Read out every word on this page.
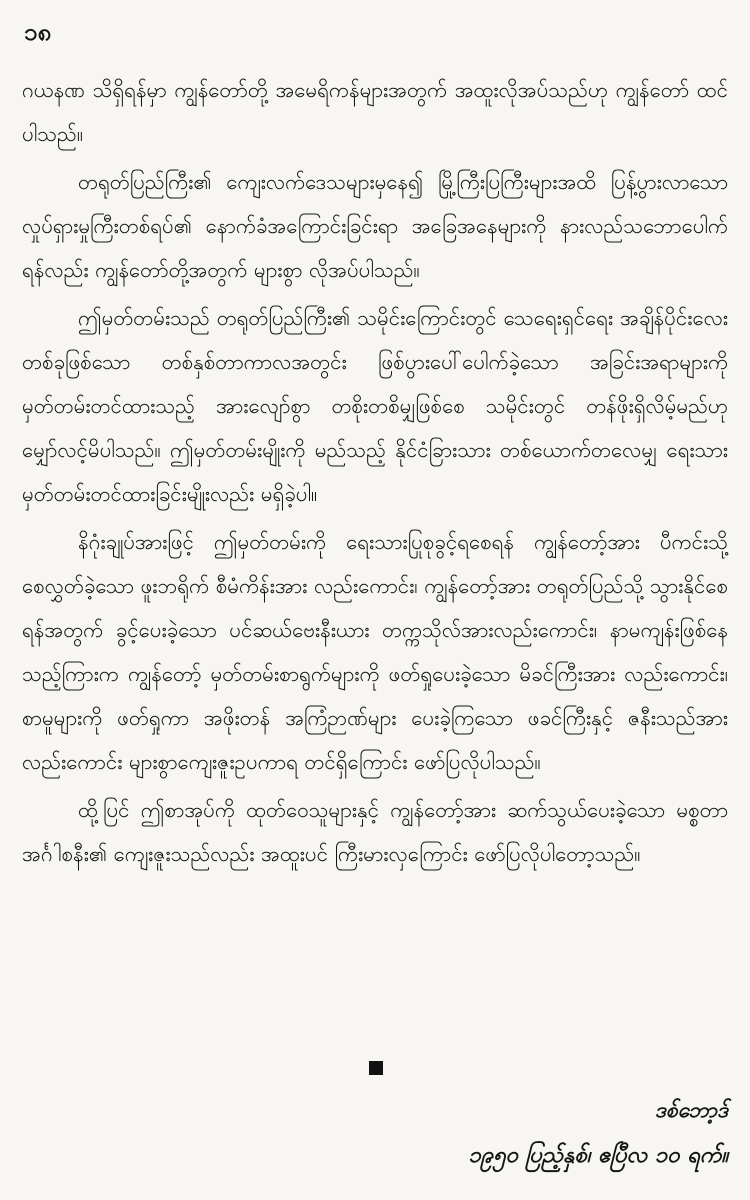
၁၈

ဂယနဏ သိရှိရန်မှာ ကျွန်တော်တို့ အမေရိကန်များအတွက် အထူးလိုအပ်သည်ဟု ကျွန်တော် ထင်ပါသည်။

တရုတ်ပြည်ကြီး၏ ကျေးလက်ဒေသများမှနေ၍ မြို့ကြီးပြကြီးများအထိ ပြန့်ပွားလာသော လှုပ်ရှားမှုကြီးတစ်ရပ်၏ နောက်ခံအကြောင်းခြင်းရာ အခြေအနေများကို နားလည်သဘောပေါက်ရန်လည်း ကျွန်တော်တို့အတွက် များစွာ လိုအပ်ပါသည်။

ဤမှတ်တမ်းသည် တရုတ်ပြည်ကြီး၏ သမိုင်းကြောင်းတွင် သေရေးရှင်ရေး အချိန်ပိုင်းလေးတစ်ခုဖြစ်သော တစ်နှစ်တာကာလအတွင်း ဖြစ်ပွားပေါ်ပေါက်ခဲ့သော အခြင်းအရာများကို မှတ်တမ်းတင်ထားသည့် အားလျော်စွာ တစိုးတစိမျှဖြစ်စေ သမိုင်းတွင် တန်ဖိုးရှိလိမ့်မည်ဟု မျှော်လင့်မိပါသည်။ ဤမှတ်တမ်းမျိုးကို မည်သည့် နိုင်ငံခြားသား တစ်ယောက်တလေမျှ ရေးသား မှတ်တမ်းတင်ထားခြင်းမျိုးလည်း မရှိခဲ့ပါ။

နိဂုံးချုပ်အားဖြင့် ဤမှတ်တမ်းကို ရေးသားပြုစုခွင့်ရစေရန် ကျွန်တော့်အား ပီကင်းသို့ စေလွှတ်ခဲ့သော ဖူးဘရိုက် စီမံကိန်းအား လည်းကောင်း၊ ကျွန်တော့်အား တရုတ်ပြည်သို့ သွားနိုင်စေရန်အတွက် ခွင့်ပေးခဲ့သော ပင်ဆယ်ဗေးနီးယား တက္ကသိုလ်အားလည်းကောင်း၊ နာမကျန်းဖြစ်နေသည့်ကြားက ကျွန်တော့် မှတ်တမ်းစာရွက်များကို ဖတ်ရှုပေးခဲ့သော မိခင်ကြီးအား လည်းကောင်း၊ စာမူများကို ဖတ်ရှုကာ အဖိုးတန် အကြံဉာဏ်များ ပေးခဲ့ကြသော ဖခင်ကြီးနှင့် ဇနီးသည်အားလည်းကောင်း များစွာကျေးဇူးဥပကာရ တင်ရှိကြောင်း ဖော်ပြလိုပါသည်။

ထို့ပြင် ဤစာအုပ်ကို ထုတ်ဝေသူများနှင့် ကျွန်တော့်အား ဆက်သွယ်ပေးခဲ့သော မစ္စတာအင်္ဂါစနီး၏ ကျေးဇူးသည်လည်း အထူးပင် ကြီးမားလှကြောင်း ဖော်ပြလိုပါတော့သည်။

ဒစ်ဘော့ဒ်
၁၉၅၀ ပြည့်နှစ်၊ ဧပြီလ ၁၀ ရက်။
